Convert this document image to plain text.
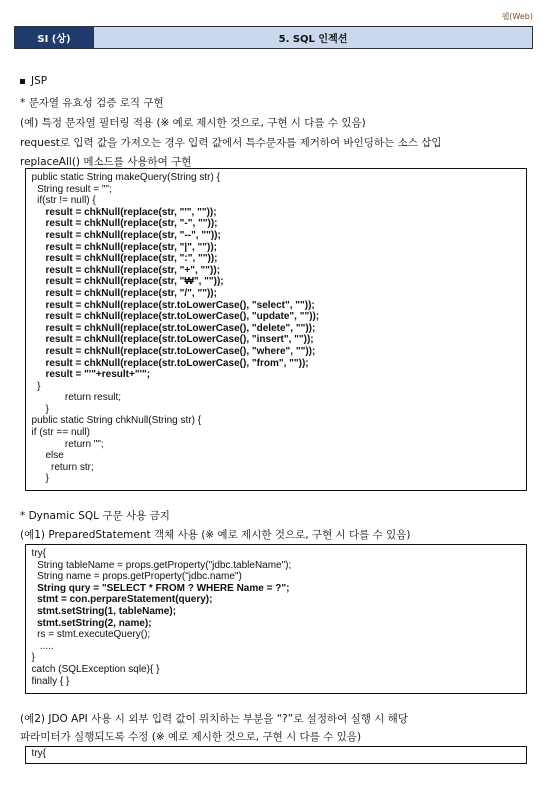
웹(Web)
SI (상)	5. SQL 인젝션
JSP
* 문자열 유효성 검증 로직 구현
(예) 특정 문자열 필터링 적용 (※ 예로 제시한 것으로, 구현 시 다를 수 있음)
request로 입력 값을 가져오는 경우 입력 값에서 특수문자를 제거하여 바인딩하는 소스 삽입
replaceAll() 메소드를 사용하여 구현
public static String makeQuery(String str) {
String result = "";
if(str != null) {
result = chkNull(replace(str, "'", ""));
result = chkNull(replace(str, "-", ""));
result = chkNull(replace(str, "--", ""));
result = chkNull(replace(str, "|", ""));
result = chkNull(replace(str, ":", ""));
result = chkNull(replace(str, "+", ""));
result = chkNull(replace(str, "₩", ""));
result = chkNull(replace(str, "/", ""));
result = chkNull(replace(str.toLowerCase(), "select", ""));
result = chkNull(replace(str.toLowerCase(), "update", ""));
result = chkNull(replace(str.toLowerCase(), "delete", ""));
result = chkNull(replace(str.toLowerCase(), "insert", ""));
result = chkNull(replace(str.toLowerCase(), "where", ""));
result = chkNull(replace(str.toLowerCase(), "from", ""));
result = "'"+result+"'";
}
return result;
}
public static String chkNull(String str) {
if (str == null)
return "";
else
return str;
}
* Dynamic SQL 구문 사용 금지
(예1) PreparedStatement 객체 사용 (※ 예로 제시한 것으로, 구현 시 다를 수 있음)
try{
String tableName = props.getProperty("jdbc.tableName");
String name = props.getProperty("jdbc.name")
String qury = "SELECT * FROM ? WHERE Name = ?";
stmt = con.perpareStatement(query);
stmt.setString(1, tableName);
stmt.setString(2, name);
rs = stmt.executeQuery();
.....
}
catch (SQLException sqle){ }
finally { }
(예2) JDO API 사용 시 외부 입력 값이 위치하는 부분을 “?”로 설정하여 실행 시 해당
파라미터가 실행되도록 수정 (※ 예로 제시한 것으로, 구현 시 다를 수 있음)
try{
